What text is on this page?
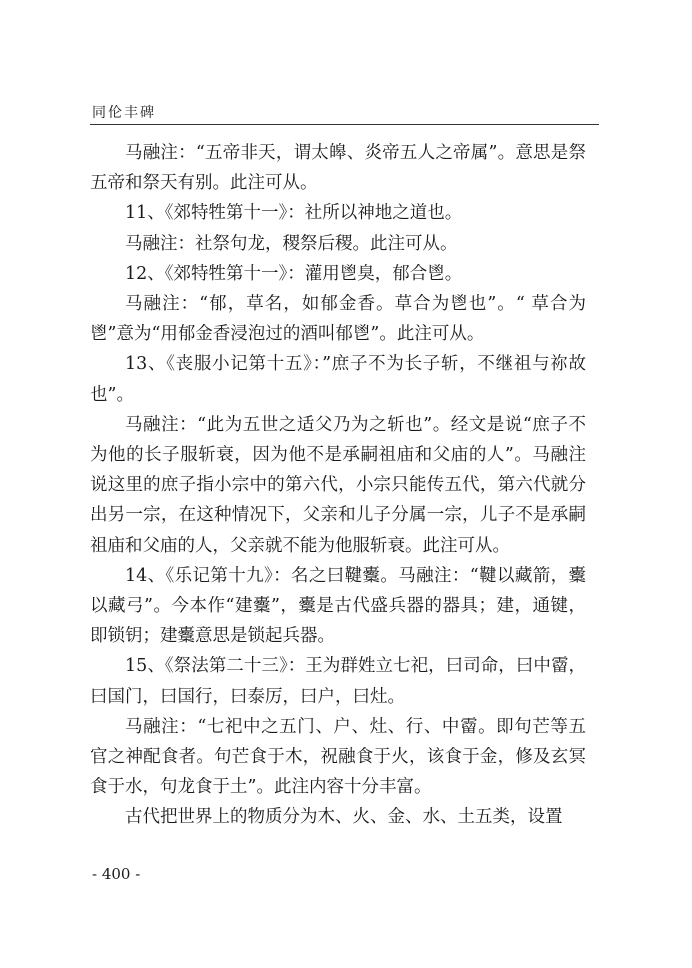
同伦丰碑

马融注：“五帝非天，谓太皞、炎帝五人之帝属”。意思是祭五帝和祭天有别。此注可从。

11、《郊特牲第十一》：社所以神地之道也。

马融注：社祭句龙，稷祭后稷。此注可从。

12、《郊特牲第十一》：灌用鬯臭，郁合鬯。

马融注：“郁，草名，如郁金香。草合为鬯也”。“ 草合为鬯”意为“用郁金香浸泡过的酒叫郁鬯”。此注可从。

13、《丧服小记第十五》：”庶子不为长子斩，不继祖与祢故也”。

马融注：“此为五世之适父乃为之斩也”。经文是说“庶子不为他的长子服斩衰，因为他不是承嗣祖庙和父庙的人”。马融注说这里的庶子指小宗中的第六代，小宗只能传五代，第六代就分出另一宗，在这种情况下，父亲和儿子分属一宗，儿子不是承嗣祖庙和父庙的人，父亲就不能为他服斩衰。此注可从。

14、《乐记第十九》：名之曰鞬櫜。马融注：“鞬以藏箭，櫜以藏弓”。今本作“建櫜”，櫜是古代盛兵器的器具；建，通键，即锁钥；建櫜意思是锁起兵器。

15、《祭法第二十三》：王为群姓立七祀，曰司命，曰中霤，曰国门，曰国行，曰泰厉，曰户，曰灶。

马融注：“七祀中之五门、户、灶、行、中霤。即句芒等五官之神配食者。句芒食于木，祝融食于火，该食于金，修及玄冥食于水，句龙食于土”。此注内容十分丰富。

古代把世界上的物质分为木、火、金、水、土五类，设置

- 400 -
